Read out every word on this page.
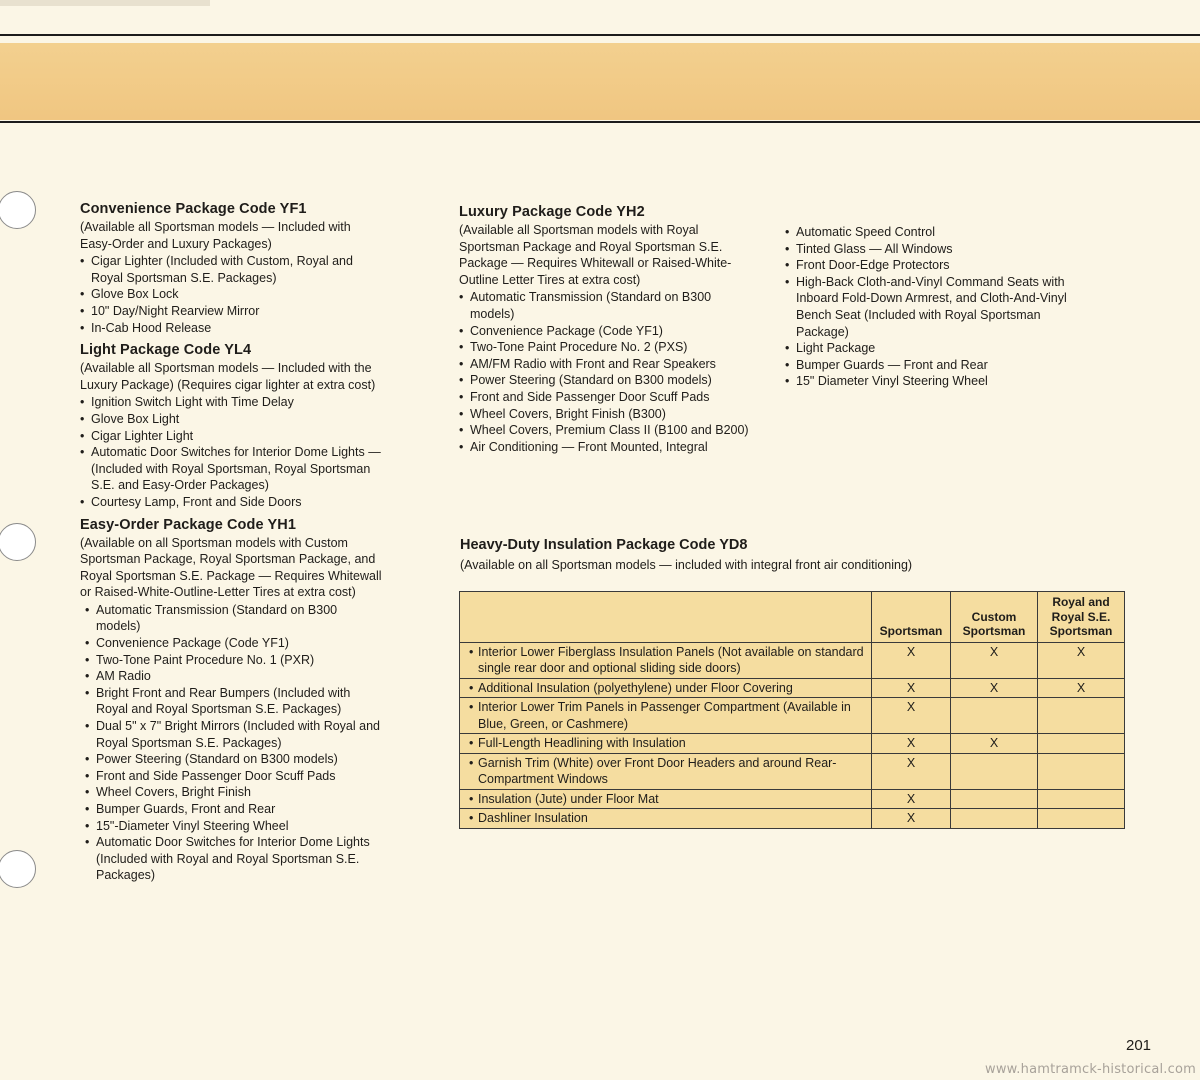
Convenience Package Code YF1

(Available all Sportsman models — Included with Easy-Order and Luxury Packages)

• Cigar Lighter (Included with Custom, Royal and Royal Sportsman S.E. Packages)
• Glove Box Lock
• 10" Day/Night Rearview Mirror
• In-Cab Hood Release
Light Package Code YL4

(Available all Sportsman models — Included with the Luxury Package) (Requires cigar lighter at extra cost)

• Ignition Switch Light with Time Delay
• Glove Box Light
• Cigar Lighter Light
• Automatic Door Switches for Interior Dome Lights — (Included with Royal Sportsman, Royal Sportsman S.E. and Easy-Order Packages)
• Courtesy Lamp, Front and Side Doors
Easy-Order Package Code YH1

(Available on all Sportsman models with Custom Sportsman Package, Royal Sportsman Package, and Royal Sportsman S.E. Package — Requires Whitewall or Raised-White-Outline-Letter Tires at extra cost)

• Automatic Transmission (Standard on B300 models)
• Convenience Package (Code YF1)
• Two-Tone Paint Procedure No. 1 (PXR)
• AM Radio
• Bright Front and Rear Bumpers (Included with Royal and Royal Sportsman S.E. Packages)
• Dual 5" x 7" Bright Mirrors (Included with Royal and Royal Sportsman S.E. Packages)
• Power Steering (Standard on B300 models)
• Front and Side Passenger Door Scuff Pads
• Wheel Covers, Bright Finish
• Bumper Guards, Front and Rear
• 15"-Diameter Vinyl Steering Wheel
• Automatic Door Switches for Interior Dome Lights (Included with Royal and Royal Sportsman S.E. Packages)
Luxury Package Code YH2

(Available all Sportsman models with Royal Sportsman Package and Royal Sportsman S.E. Package — Requires Whitewall or Raised-White-Outline Letter Tires at extra cost)

• Automatic Transmission (Standard on B300 models)
• Convenience Package (Code YF1)
• Two-Tone Paint Procedure No. 2 (PXS)
• AM/FM Radio with Front and Rear Speakers
• Power Steering (Standard on B300 models)
• Front and Side Passenger Door Scuff Pads
• Wheel Covers, Bright Finish (B300)
• Wheel Covers, Premium Class II (B100 and B200)
• Air Conditioning — Front Mounted, Integral
• Automatic Speed Control
• Tinted Glass — All Windows
• Front Door-Edge Protectors
• High-Back Cloth-and-Vinyl Command Seats with Inboard Fold-Down Armrest, and Cloth-And-Vinyl Bench Seat (Included with Royal Sportsman Package)
• Light Package
• Bumper Guards — Front and Rear
• 15" Diameter Vinyl Steering Wheel
Heavy-Duty Insulation Package Code YD8

(Available on all Sportsman models — included with integral front air conditioning)

	Sportsman	Custom Sportsman	Royal and Royal S.E. Sportsman
• Interior Lower Fiberglass Insulation Panels (Not available on standard single rear door and optional sliding side doors)	X	X	X
• Additional Insulation (polyethylene) under Floor Covering	X	X	X
• Interior Lower Trim Panels in Passenger Compartment (Available in Blue, Green, or Cashmere)	X		
• Full-Length Headlining with Insulation	X	X	
• Garnish Trim (White) over Front Door Headers and around Rear-Compartment Windows	X		
• Insulation (Jute) under Floor Mat	X		
• Dashliner Insulation	X		
201
www.hamtramck-historical.com
